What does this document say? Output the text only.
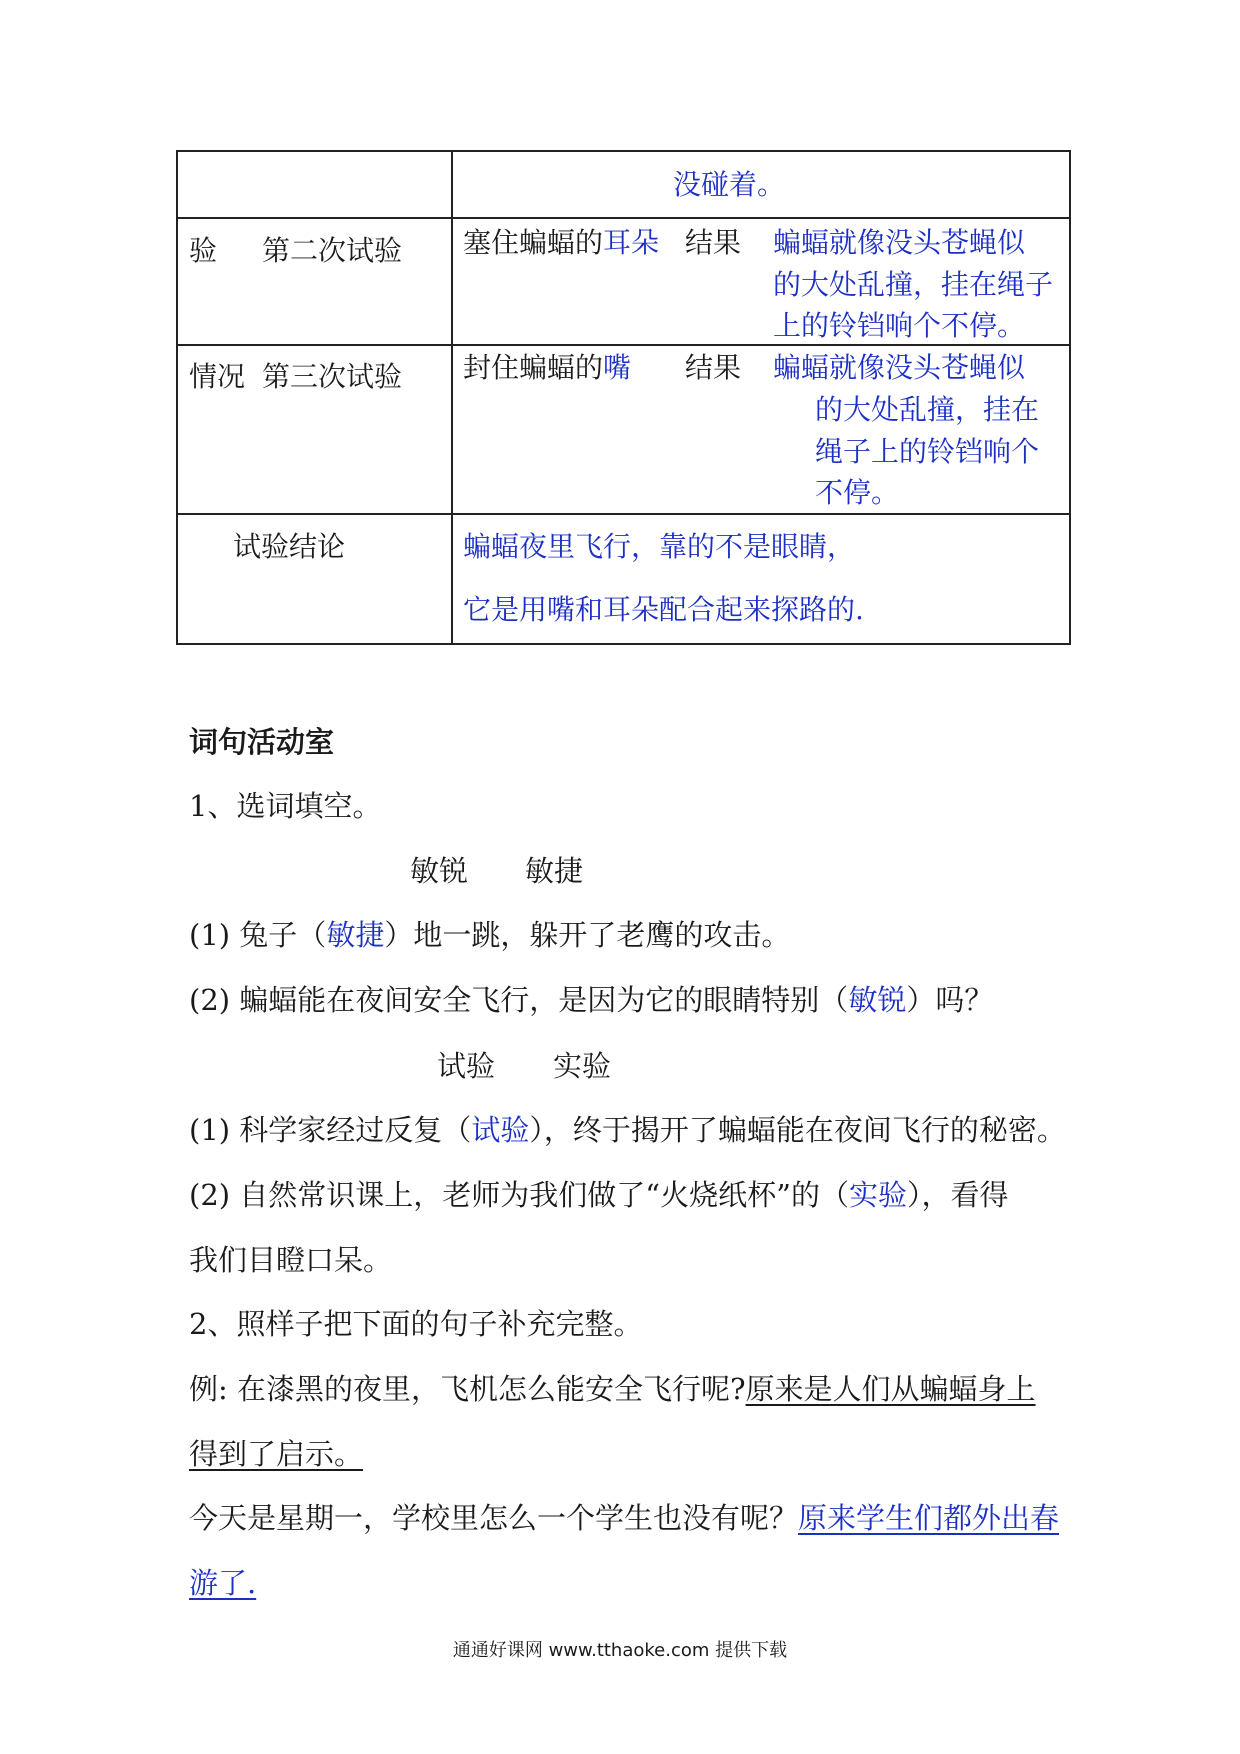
没碰着。
验 第二次试验 塞住蝙蝠的耳朵 结果 蝙蝠就像没头苍蝇似
的大处乱撞，挂在绳子
上的铃铛响个不停。
情况 第三次试验 封住蝙蝠的嘴 结果 蝙蝠就像没头苍蝇似
的大处乱撞，挂在
绳子上的铃铛响个
不停。
试验结论	蝙蝠夜里飞行，靠的不是眼睛，
它是用嘴和耳朵配合起来探路的.
词句活动室
1、选词填空。
敏锐 敏捷
(1) 兔子（敏捷）地一跳，躲开了老鹰的攻击。
(2) 蝙蝠能在夜间安全飞行，是因为它的眼睛特别（敏锐）吗？
试验 实验
(1) 科学家经过反复（试验），终于揭开了蝙蝠能在夜间飞行的秘密。
(2) 自然常识课上，老师为我们做了“火烧纸杯”的（实验），看得
我们目瞪口呆。
2、照样子把下面的句子补充完整。
例: 在漆黑的夜里，飞机怎么能安全飞行呢?原来是人们从蝙蝠身上
得到了启示。
今天是星期一，学校里怎么一个学生也没有呢？原来学生们都外出春
游了.
通通好课网 www.tthaoke.com 提供下载
